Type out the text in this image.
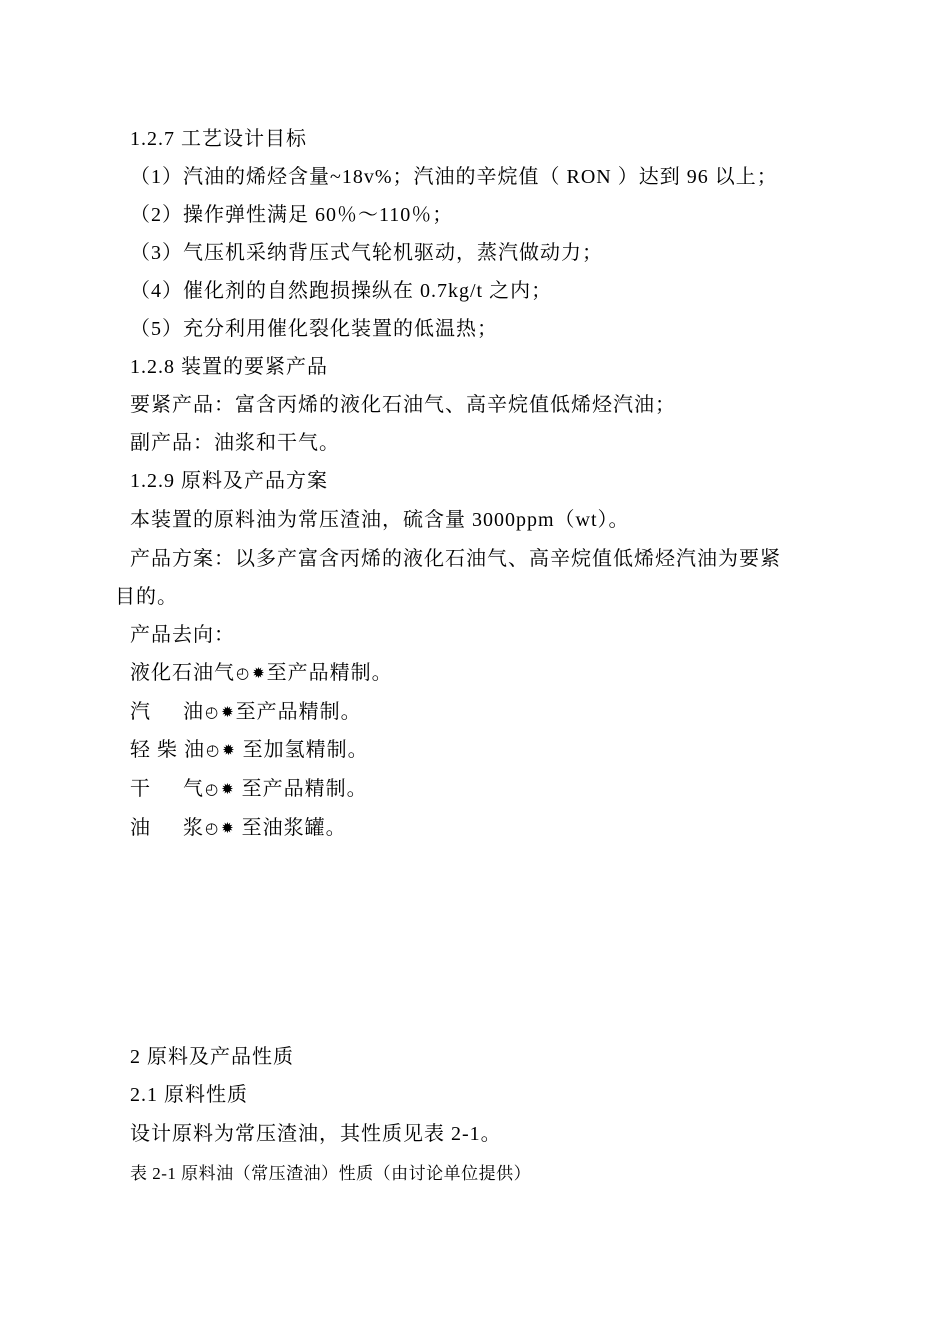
1.2.7 工艺设计目标

（1）汽油的烯烃含量~18v%；汽油的辛烷值（ RON ）达到 96 以上；

（2）操作弹性满足 60％～110％；

（3）气压机采纳背压式气轮机驱动，蒸汽做动力；

（4）催化剂的自然跑损操纵在 0.7kg/t 之内；

（5）充分利用催化裂化装置的低温热；

1.2.8 装置的要紧产品

要紧产品：富含丙烯的液化石油气、高辛烷值低烯烃汽油；

副产品：油浆和干气。

1.2.9 原料及产品方案

本装置的原料油为常压渣油，硫含量 3000ppm（wt）。

产品方案：以多产富含丙烯的液化石油气、高辛烷值低烯烃汽油为要紧

目的。

产品去向：

液化石油气◴ ✹至产品精制。

汽 油◴ ✹至产品精制。

轻 柴 油◴ ✹ 至加氢精制。

干 气◴ ✹ 至产品精制。

油 浆◴ ✹ 至油浆罐。

2 原料及产品性质

2.1 原料性质

设计原料为常压渣油，其性质见表 2-1。

表 2-1 原料油（常压渣油）性质（由讨论单位提供）
